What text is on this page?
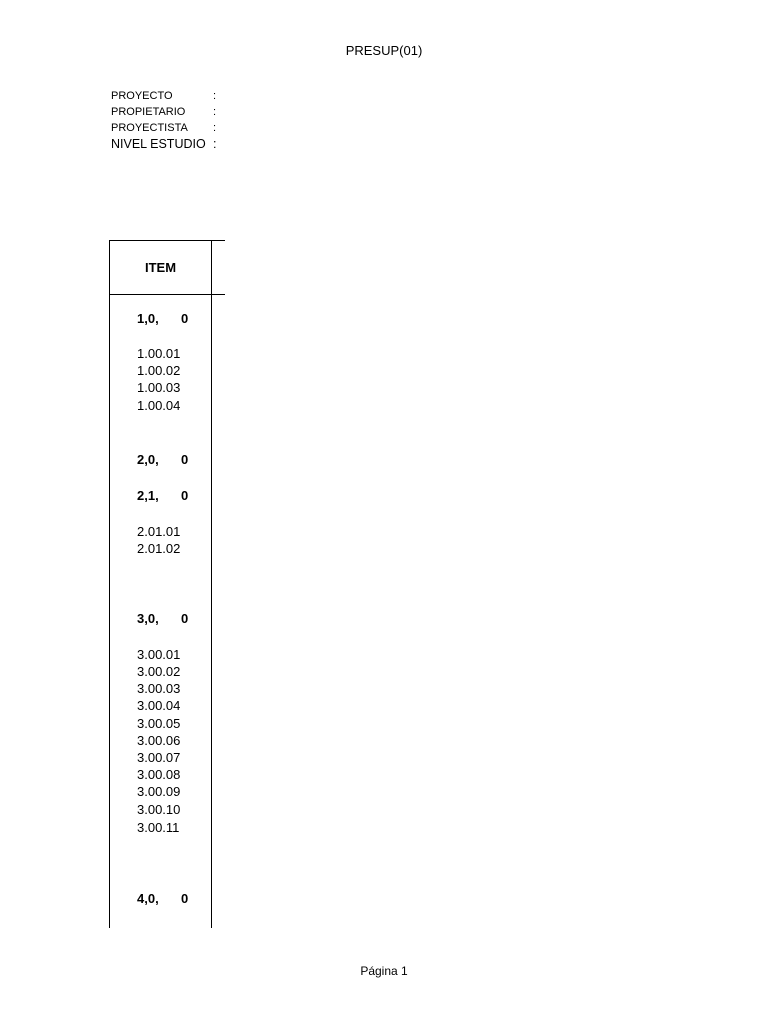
PRESUP(01)
PROYECTO	:
PROPIETARIO	:
PROYECTISTA :
NIVEL ESTUDIO :
ITEM
1,0, 0
1.00.01
1.00.02
1.00.03
1.00.04
2,0, 0
2,1, 0
2.01.01
2.01.02
3,0, 0
3.00.01
3.00.02
3.00.03
3.00.04
3.00.05
3.00.06
3.00.07
3.00.08
3.00.09
3.00.10
3.00.11
4,0, 0
Página 1
